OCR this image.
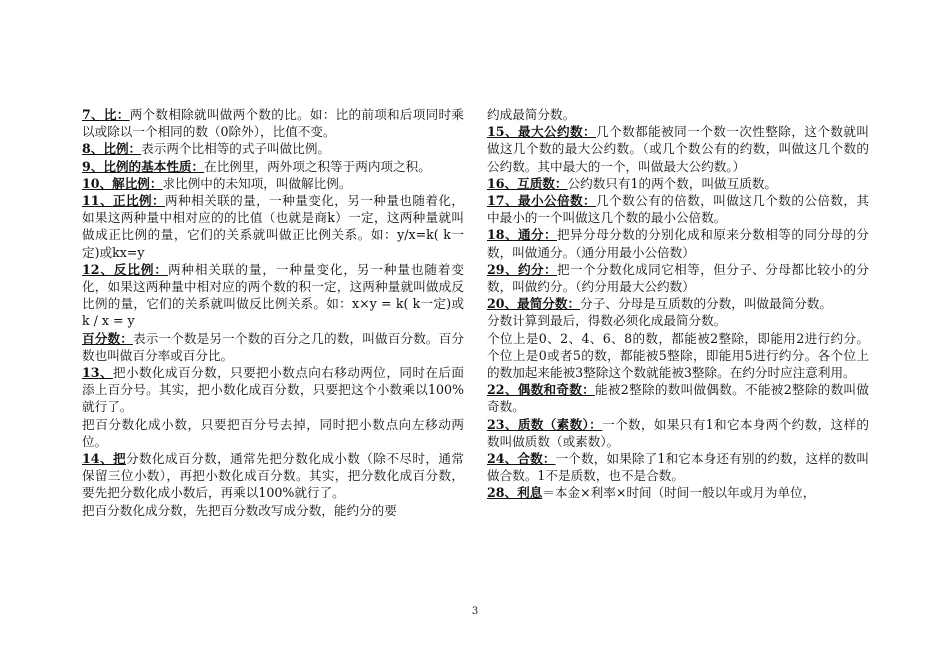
7、比：两个数相除就叫做两个数的比。如：比的前项和后项同时乘以或除以一个相同的数（0除外），比值不变。

8、比例：表示两个比相等的式子叫做比例。

9、比例的基本性质：在比例里，两外项之积等于两内项之积。

10、解比例：求比例中的未知项，叫做解比例。

11、正比例：两种相关联的量，一种量变化，另一种量也随着化，如果这两种量中相对应的的比值（也就是商k）一定，这两种量就叫做成正比例的量，它们的关系就叫做正比例关系。如：y/x=k( k一定)或kx=y

12、反比例：两种相关联的量，一种量变化，另一种量也随着变化，如果这两种量中相对应的两个数的积一定，这两种量就叫做成反比例的量，它们的关系就叫做反比例关系。如：x×y = k( k一定)或k / x = y

百分数：表示一个数是另一个数的百分之几的数，叫做百分数。百分数也叫做百分率或百分比。

13、把小数化成百分数，只要把小数点向右移动两位，同时在后面添上百分号。其实，把小数化成百分数，只要把这个小数乘以100%就行了。

把百分数化成小数，只要把百分号去掉，同时把小数点向左移动两位。

14、把分数化成百分数，通常先把分数化成小数（除不尽时，通常保留三位小数），再把小数化成百分数。其实，把分数化成百分数，要先把分数化成小数后，再乘以100%就行了。

把百分数化成分数，先把百分数改写成分数，能约分的要

约成最简分数。

15、最大公约数：几个数都能被同一个数一次性整除，这个数就叫做这几个数的最大公约数。（或几个数公有的约数，叫做这几个数的公约数。其中最大的一个，叫做最大公约数。）

16、互质数：公约数只有1的两个数，叫做互质数。

17、最小公倍数：几个数公有的倍数，叫做这几个数的公倍数，其中最小的一个叫做这几个数的最小公倍数。

18、通分：把异分母分数的分别化成和原来分数相等的同分母的分数，叫做通分。（通分用最小公倍数）

29、约分：把一个分数化成同它相等，但分子、分母都比较小的分数，叫做约分。（约分用最大公约数）

20、最简分数：分子、分母是互质数的分数，叫做最简分数。

分数计算到最后，得数必须化成最简分数。

个位上是0、2、4、6、8的数，都能被2整除，即能用2进行约分。个位上是0或者5的数，都能被5整除，即能用5进行约分。各个位上的数加起来能被3整除这个数就能被3整除。在约分时应注意利用。

22、偶数和奇数：能被2整除的数叫做偶数。不能被2整除的数叫做奇数。

23、质数（素数）：一个数，如果只有1和它本身两个约数，这样的数叫做质数（或素数）。

24、合数：一个数，如果除了1和它本身还有别的约数，这样的数叫做合数。1不是质数，也不是合数。

28、利息＝本金×利率×时间（时间一般以年或月为单位，

3
